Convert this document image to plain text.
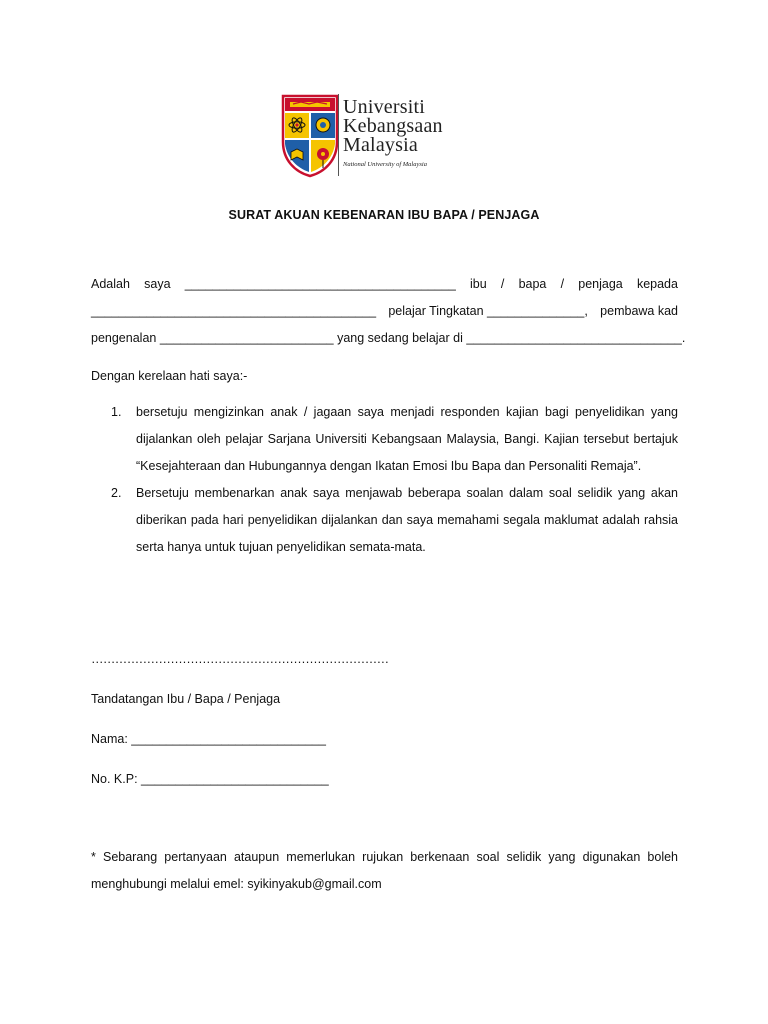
Universiti
Kebangsaan
Malaysia
National University of Malaysia
SURAT AKUAN KEBENARAN IBU BAPA / PENJAGA
Adalah saya _______________________________________ ibu / bapa / penjaga kepada
_________________________________________ pelajar Tingkatan ______________, pembawa kad
pengenalan _________________________ yang sedang belajar di _______________________________.
Dengan kerelaan hati saya:-
1. bersetuju mengizinkan anak / jagaan saya menjadi responden kajian bagi penyelidikan yang dijalankan oleh pelajar Sarjana Universiti Kebangsaan Malaysia, Bangi. Kajian tersebut bertajuk “Kesejahteraan dan Hubungannya dengan Ikatan Emosi Ibu Bapa dan Personaliti Remaja”.
2. Bersetuju membenarkan anak saya menjawab beberapa soalan dalam soal selidik yang akan diberikan pada hari penyelidikan dijalankan dan saya memahami segala maklumat adalah rahsia serta hanya untuk tujuan penyelidikan semata-mata.
…………………………………………………………………
Tandatangan Ibu / Bapa / Penjaga
Nama: ____________________________
No. K.P: ___________________________
* Sebarang pertanyaan ataupun memerlukan rujukan berkenaan soal selidik yang digunakan boleh menghubungi melalui emel: syikinyakub@gmail.com
